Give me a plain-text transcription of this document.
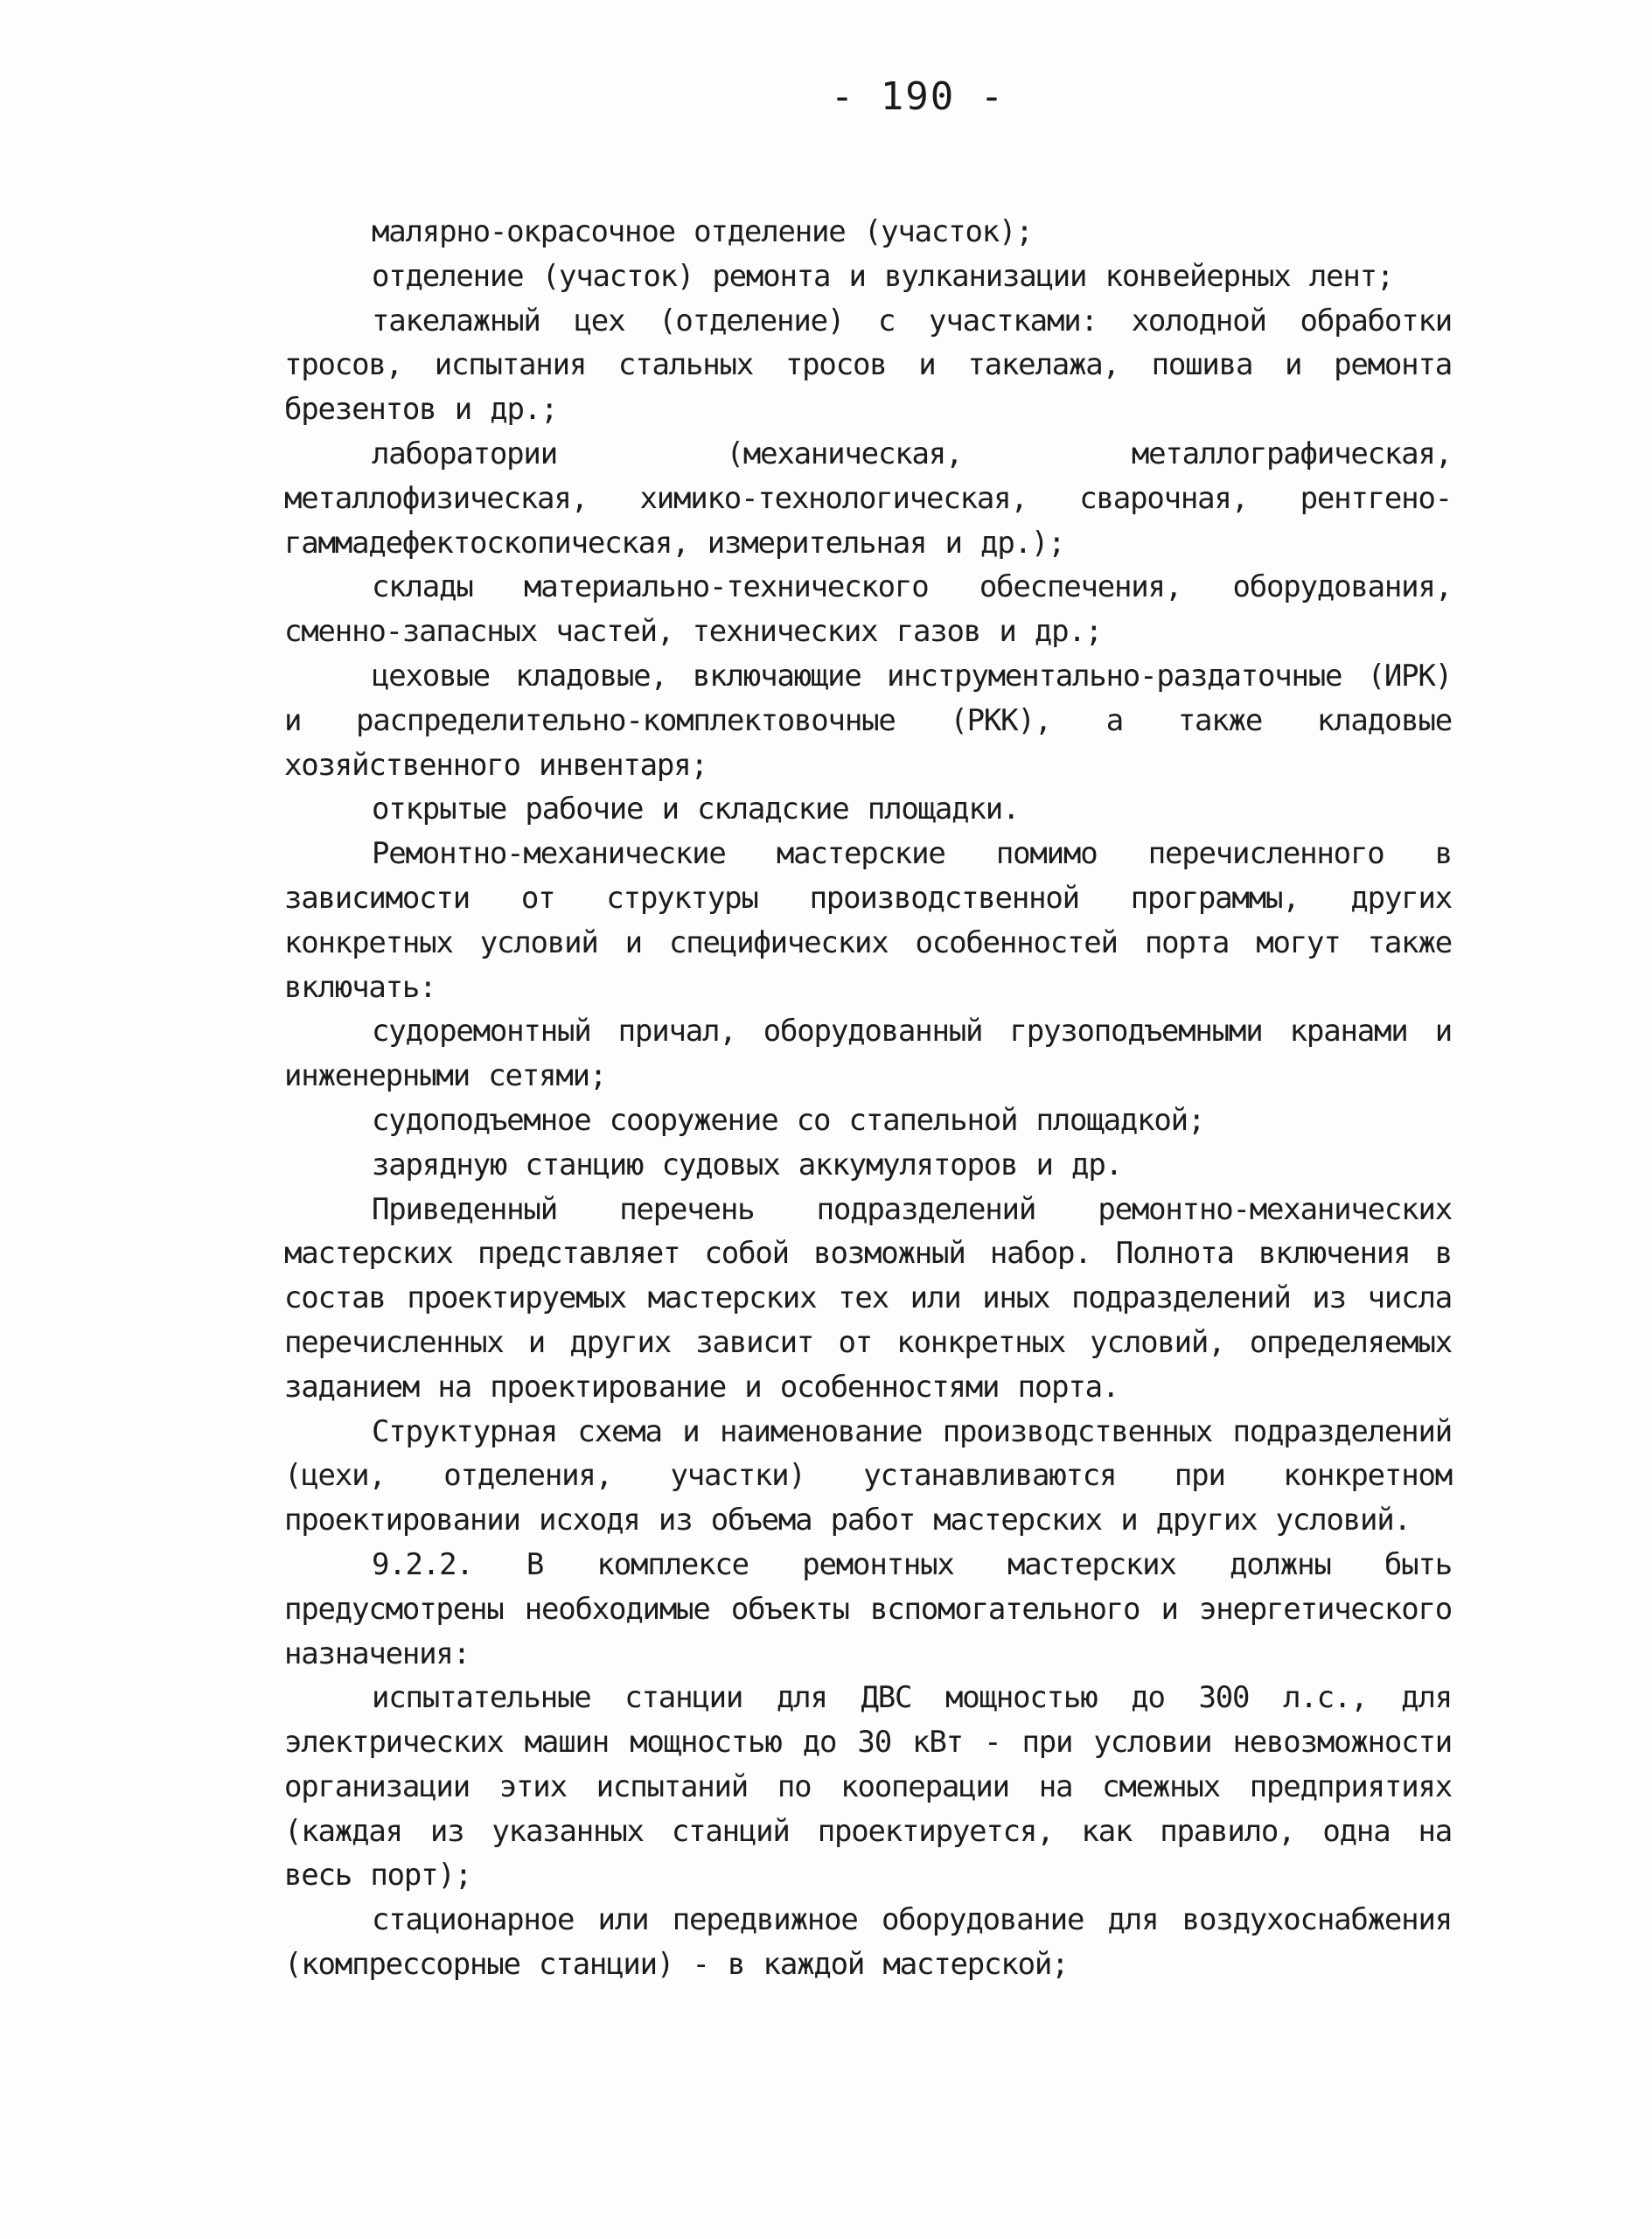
- 190 -

малярно-окрасочное отделение (участок);

отделение (участок) ремонта и вулканизации конвейерных лент;

такелажный цех (отделение) с участками: холодной обработки тросов, испытания стальных тросов и такелажа, пошива и ремонта брезентов и др.;

лаборатории (механическая, металлографическая, металлофизическая, химико-технологическая, сварочная, рентгено-гаммадефектоскопическая, измерительная и др.);

склады материально-технического обеспечения, оборудования, сменно-запасных частей, технических газов и др.;

цеховые кладовые, включающие инструментально-раздаточные (ИРК) и распределительно-комплектовочные (РКК), а также кладовые хозяйственного инвентаря;

открытые рабочие и складские площадки.

Ремонтно-механические мастерские помимо перечисленного в зависимости от структуры производственной программы, других конкретных условий и специфических особенностей порта могут также включать:

судоремонтный причал, оборудованный грузоподъемными кранами и инженерными сетями;

судоподъемное сооружение со стапельной площадкой;

зарядную станцию судовых аккумуляторов и др.

Приведенный перечень подразделений ремонтно-механических мастерских представляет собой возможный набор. Полнота включения в состав проектируемых мастерских тех или иных подразделений из числа перечисленных и других зависит от конкретных условий, определяемых заданием на проектирование и особенностями порта.

Структурная схема и наименование производственных подразделений (цехи, отделения, участки) устанавливаются при конкретном проектировании исходя из объема работ мастерских и других условий.

9.2.2. В комплексе ремонтных мастерских должны быть предусмотрены необходимые объекты вспомогательного и энергетического назначения:

испытательные станции для ДВС мощностью до 300 л.с., для электрических машин мощностью до 30 кВт - при условии невозможности организации этих испытаний по кооперации на смежных предприятиях (каждая из указанных станций проектируется, как правило, одна на весь порт);

стационарное или передвижное оборудование для воздухоснабжения (компрессорные станции) - в каждой мастерской;
